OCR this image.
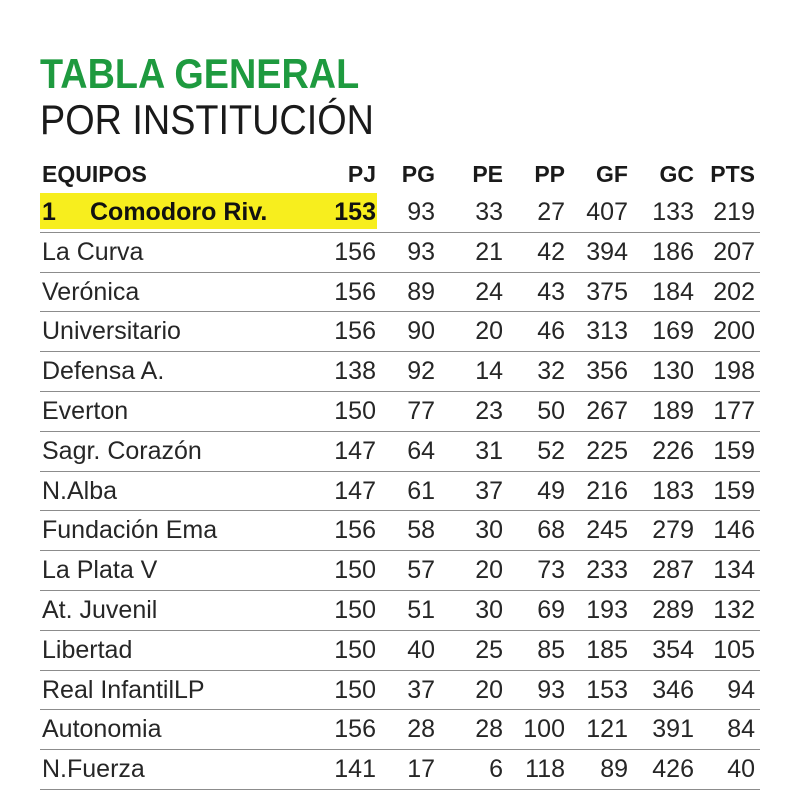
TABLA GENERAL
POR INSTITUCIÓN
EQUIPOS	PJ	PG	PE	PP	GF	GC PTS
1 Comodoro Riv.	153	93	33	27 407 133 219
La Curva	156	93	21	42 394 186 207
Verónica	156	89	24	43 375 184 202
Universitario	156	90	20	46 313 169 200
Defensa A.	138	92	14	32 356 130 198
Everton	150	77	23	50 267 189 177
Sagr. Corazón	147	64	31	52 225 226 159
N.Alba	147	61	37	49 216 183 159
Fundación Ema	156	58	30	68 245 279 146
La Plata V	150	57	20	73 233 287 134
At. Juvenil	150	51	30	69 193 289 132
Libertad	150	40	25	85 185 354 105
Real InfantilLP	150	37	20	93 153 346	94
Autonomia	156	28	28 100 121 391	84
N.Fuerza	141	17	6 118	89 426	40
